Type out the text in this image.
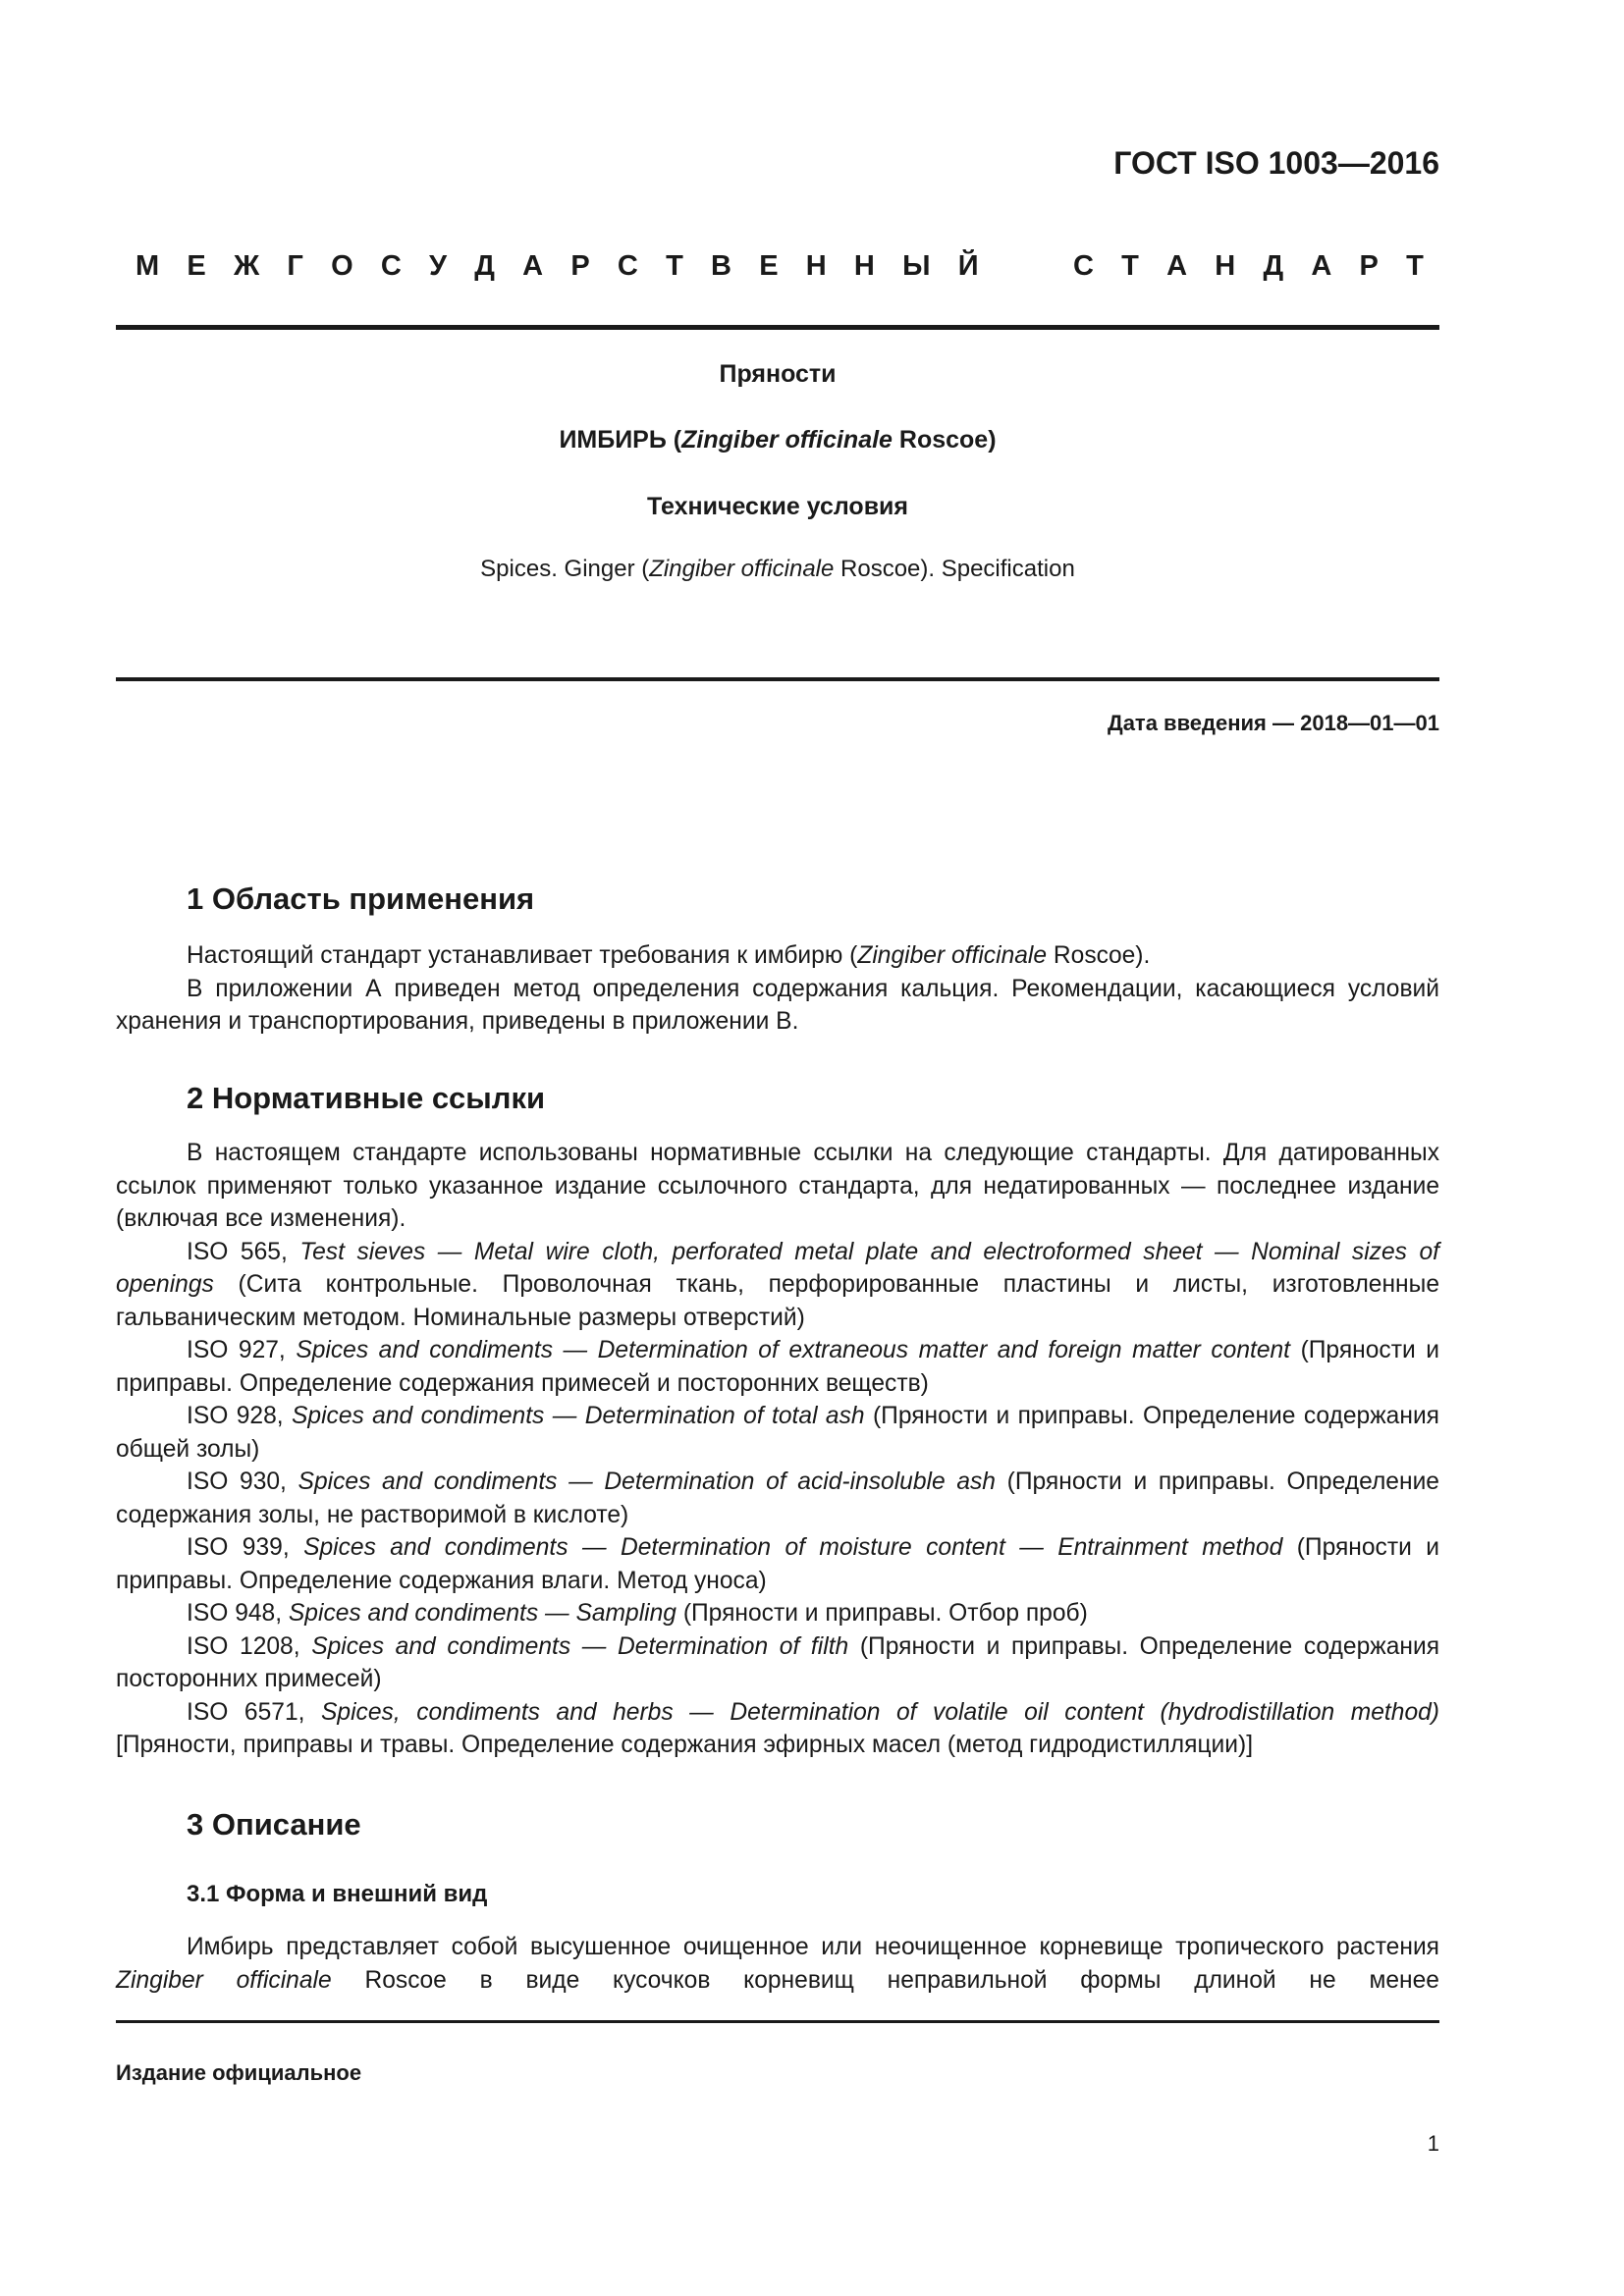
ГОСТ ISO 1003—2016
М Е Ж Г О С У Д А Р С Т В Е Н Н Ы Й	С Т А Н Д А Р Т
Пряности
ИМБИРЬ (Zingiber officinale Roscoe)
Технические условия
Spices. Ginger (Zingiber officinale Roscoe). Specification
Дата введения — 2018—01—01
1 Область применения

Настоящий стандарт устанавливает требования к имбирю (Zingiber officinale Roscoe).

В приложении А приведен метод определения содержания кальция. Рекомендации, касающиеся условий хранения и транспортирования, приведены в приложении В.

2 Нормативные ссылки

В настоящем стандарте использованы нормативные ссылки на следующие стандарты. Для датированных ссылок применяют только указанное издание ссылочного стандарта, для недатированных — последнее издание (включая все изменения).

ISO 565, Test sieves — Metal wire cloth, perforated metal plate and electroformed sheet — Nominal sizes of openings (Сита контрольные. Проволочная ткань, перфорированные пластины и листы, изготовленные гальваническим методом. Номинальные размеры отверстий)

ISO 927, Spices and condiments — Determination of extraneous matter and foreign matter content (Пряности и приправы. Определение содержания примесей и посторонних веществ)

ISO 928, Spices and condiments — Determination of total ash (Пряности и приправы. Определение содержания общей золы)

ISO 930, Spices and condiments — Determination of acid-insoluble ash (Пряности и приправы. Определение содержания золы, не растворимой в кислоте)

ISO 939, Spices and condiments — Determination of moisture content — Entrainment method (Пряности и приправы. Определение содержания влаги. Метод уноса)

ISO 948, Spices and condiments — Sampling (Пряности и приправы. Отбор проб)

ISO 1208, Spices and condiments — Determination of filth (Пряности и приправы. Определение содержания посторонних примесей)

ISO 6571, Spices, condiments and herbs — Determination of volatile oil content (hydrodistillation method) [Пряности, приправы и травы. Определение содержания эфирных масел (метод гидродистилляции)]

3 Описание
3.1 Форма и внешний вид

Имбирь представляет собой высушенное очищенное или неочищенное корневище тропического растения Zingiber officinale Roscoe в виде кусочков корневищ неправильной формы длиной не менее

Издание официальное
1
